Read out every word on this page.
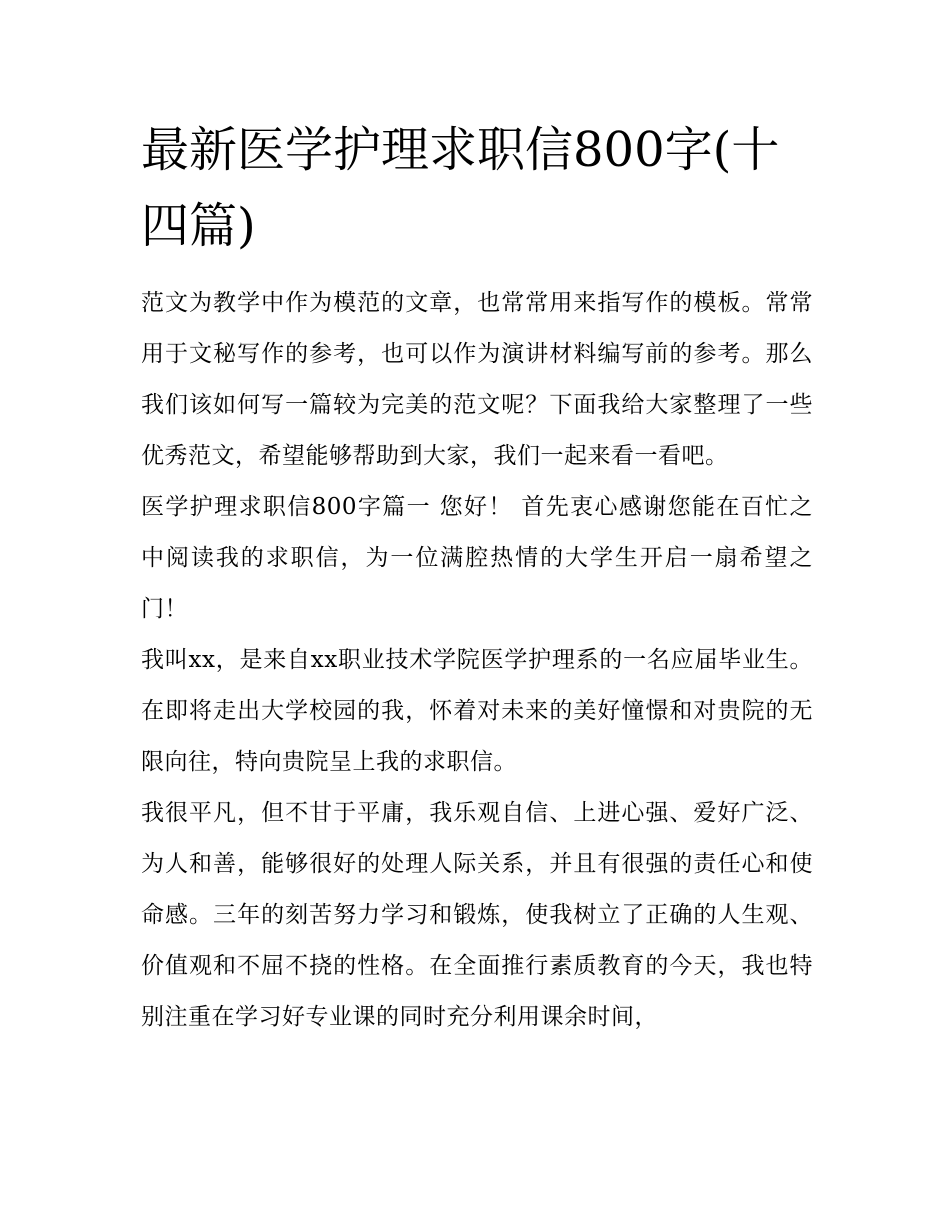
最新医学护理求职信800字(十四篇)

范文为教学中作为模范的文章，也常常用来指写作的模板。常常用于文秘写作的参考，也可以作为演讲材料编写前的参考。那么我们该如何写一篇较为完美的范文呢？下面我给大家整理了一些优秀范文，希望能够帮助到大家，我们一起来看一看吧。

医学护理求职信800字篇一 您好！ 首先衷心感谢您能在百忙之中阅读我的求职信，为一位满腔热情的大学生开启一扇希望之门！

我叫xx，是来自xx职业技术学院医学护理系的一名应届毕业生。在即将走出大学校园的我，怀着对未来的美好憧憬和对贵院的无限向往，特向贵院呈上我的求职信。

我很平凡，但不甘于平庸，我乐观自信、上进心强、爱好广泛、为人和善，能够很好的处理人际关系，并且有很强的责任心和使命感。三年的刻苦努力学习和锻炼，使我树立了正确的人生观、价值观和不屈不挠的性格。在全面推行素质教育的今天，我也特别注重在学习好专业课的同时充分利用课余时间，
